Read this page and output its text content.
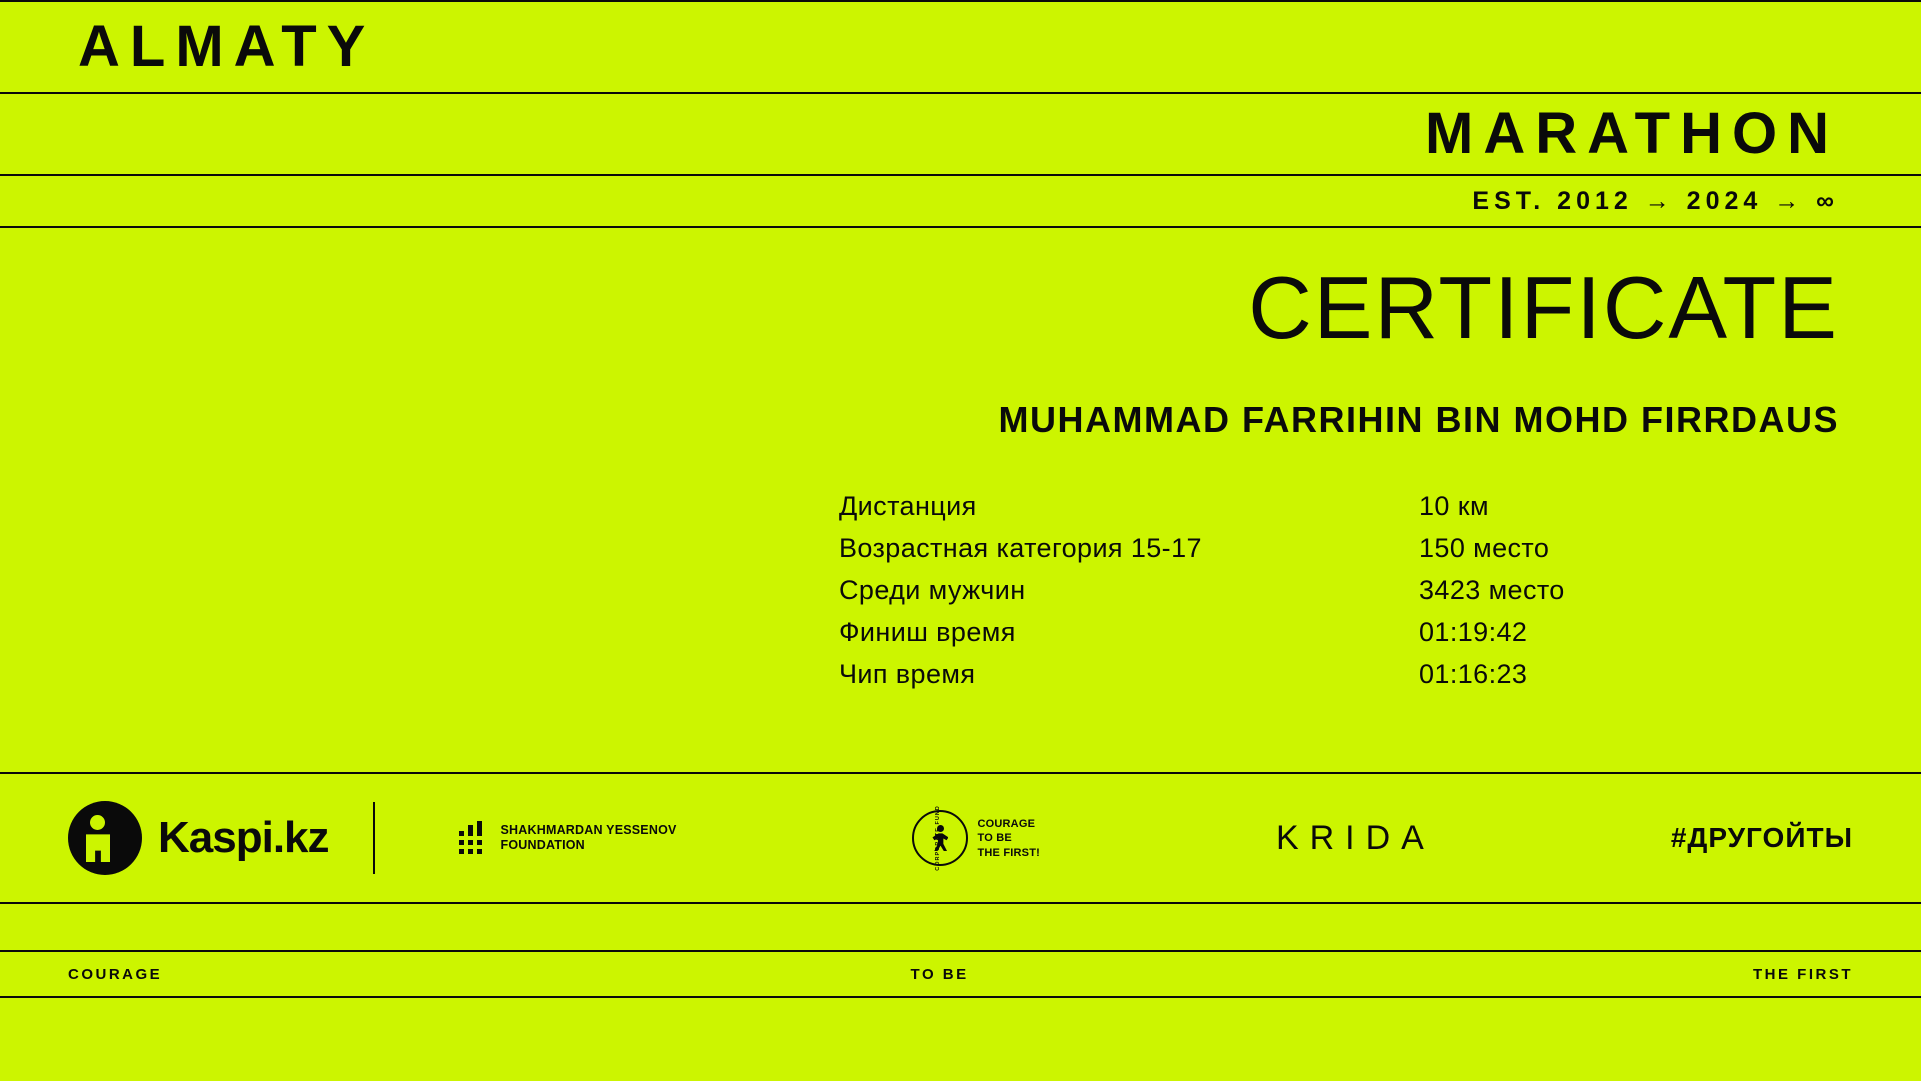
ALMATY
MARATHON
EST. 2012 → 2024 → ∞
CERTIFICATE
MUHAMMAD FARRIHIN BIN MOHD FIRRDAUS
Дистанция	10 км
Возрастная категория 15-17	150 место
Среди мужчин	3423 место
Финиш время	01:19:42
Чип время	01:16:23
Kaspi.kz	SHAKHMARDAN YESSENOV
FOUNDATION
COURAGE
TO BE
THE FIRST!	KRIDA	#ДРУГОЙТЫ
COURAGE	TO BE	THE FIRST
